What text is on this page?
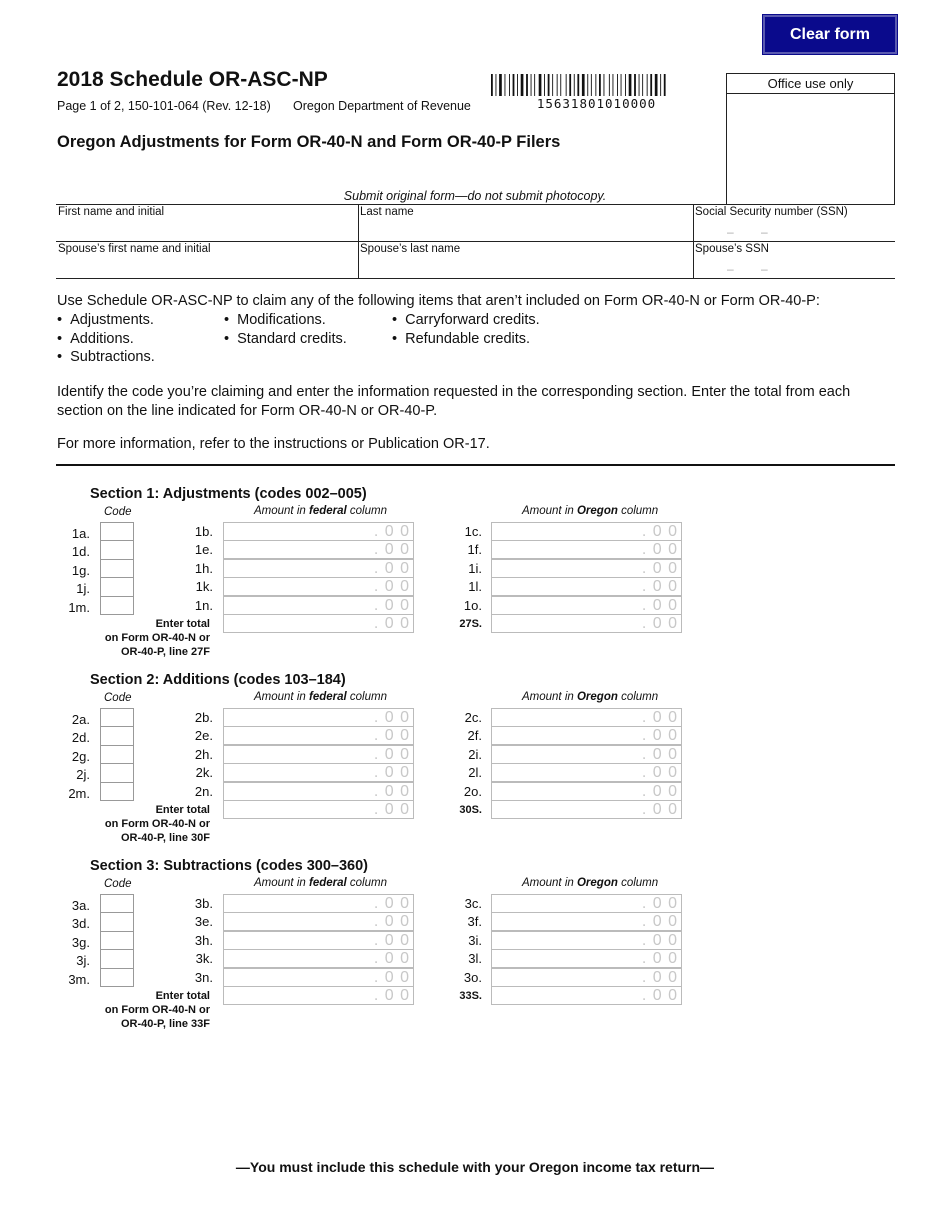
Clear form
2018 Schedule OR-ASC-NP
Page 1 of 2, 150-101-064 (Rev. 12-18) Oregon Department of Revenue	15631801010000
Office use only
Oregon Adjustments for Form OR-40-N and Form OR-40-P Filers
Submit original form—do not submit photocopy.
First name and initial	Last name	Social Security number (SSN)
– –
Spouse’s first name and initial	Spouse’s last name	Spouse’s SSN
– –
Use Schedule OR-ASC-NP to claim any of the following items that aren’t included on Form OR-40-N or Form OR-40-P:
• Adjustments.
• Additions.
• Subtractions.
• Modifications.
• Standard credits.
• Carryforward credits.
• Refundable credits.
Identify the code you’re claiming and enter the information requested in the corresponding section. Enter the total from each section on the line indicated for Form OR-40-N or OR-40-P.
For more information, refer to the instructions or Publication OR-17.
Section 1: Adjustments (codes 002–005)
Code	Amount in federal column	Amount in Oregon column
1a.	1b.	. 0 0	1c.	. 0 0
1d.	1e.	. 0 0	1f.	. 0 0
1g.	1h.	. 0 0	1i.	. 0 0
1j.	1k.	. 0 0	1l.	. 0 0
1m.	1n.	. 0 0	1o.	. 0 0
. 0 0	. 0 0
27S.
Enter total
on Form OR-40-N or
OR-40-P, line 27F
Section 2: Additions (codes 103–184)
Code	Amount in federal column	Amount in Oregon column
2a.	2b.	. 0 0	2c.	. 0 0
2d.	2e.	. 0 0	2f.	. 0 0
2g.	2h.	. 0 0	2i.	. 0 0
2j.	2k.	. 0 0	2l.	. 0 0
2m.	2n.	. 0 0	2o.	. 0 0
. 0 0	. 0 0
30S.
Enter total
on Form OR-40-N or
OR-40-P, line 30F
Section 3: Subtractions (codes 300–360)
Code	Amount in federal column	Amount in Oregon column
3a.	3b.	. 0 0	3c.	. 0 0
3d.	3e.	. 0 0	3f.	. 0 0
3g.	3h.	. 0 0	3i.	. 0 0
3j.	3k.	. 0 0	3l.	. 0 0
3m.	3n.	. 0 0	3o.	. 0 0
. 0 0	. 0 0
33S.
Enter total
on Form OR-40-N or
OR-40-P, line 33F
—You must include this schedule with your Oregon income tax return—
